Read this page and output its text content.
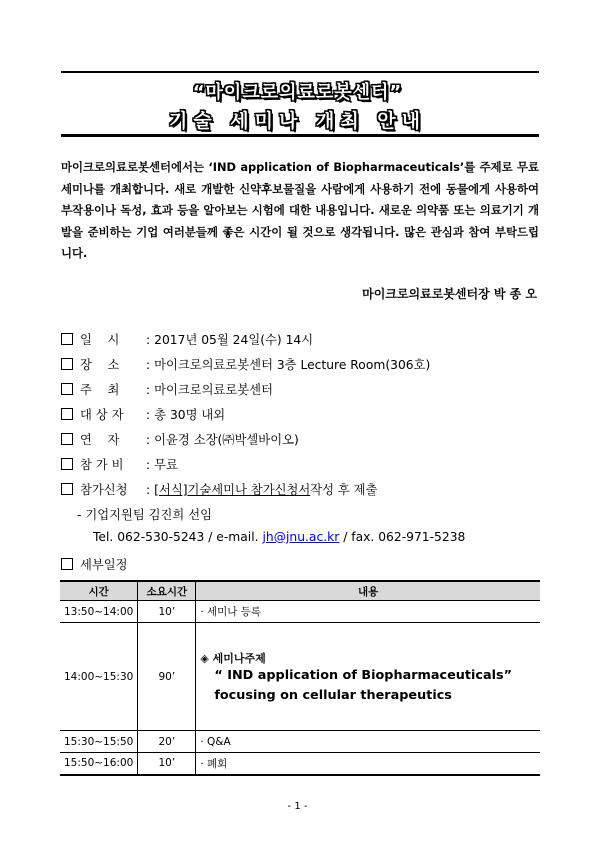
“마이크로의료로봇센터”
기술 세미나 개최 안내
마이크로의료로봇센터에서는 ‘IND application of Biopharmaceuticals’를 주제로 무료 세미나를 개최합니다. 새로 개발한 신약후보물질을 사람에게 사용하기 전에 동물에게 사용하여 부작용이나 독성, 효과 등을 알아보는 시험에 대한 내용입니다. 새로운 의약품 또는 의료기기 개발을 준비하는 기업 여러분들께 좋은 시간이 될 것으로 생각됩니다. 많은 관심과 참여 부탁드립니다.
마이크로의료로봇센터장 박 종 오
일    시 : 2017년 05월 24일(수) 14시
장    소 : 마이크로의료로봇센터 3층 Lecture Room(306호)
주    최 : 마이크로의료로봇센터
대 상 자 : 총 30명 내외
연    자 : 이윤경 소장(㈜박셀바이오)
참 가 비 : 무료
참가신청 : [서식]기술세미나 참가신청서작성 후 제출
- 기업지원팀 김진희 선임
Tel. 062-530-5243 / e-mail. jh@jnu.ac.kr / fax. 062-971-5238
세부일정
시간	소요시간	내용
13:50~14:00	10’	· 세미나 등록
14:00~15:30	90’	◈ 세미나주제
“ IND application of Biopharmaceuticals”
focusing on cellular therapeutics

15:30~15:50	20’	· Q&A
15:50~16:00	10’	· 폐회
- 1 -
